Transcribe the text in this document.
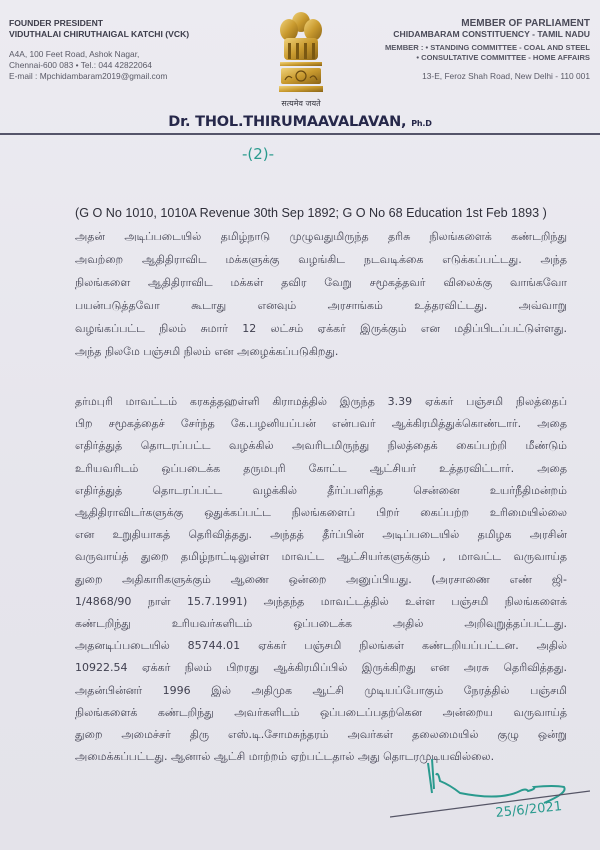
FOUNDER PRESIDENT
VIDUTHALAI CHIRUTHAIGAL KATCHI (VCK)
A4A, 100 Feet Road, Ashok Nagar,
Chennai-600 083 • Tel.: 044 42822064
E-mail : Mpchidambaram2019@gmail.com
सत्यमेव जयते
MEMBER OF PARLIAMENT
CHIDAMBARAM CONSTITUENCY - TAMIL NADU
MEMBER : • STANDING COMMITTEE - COAL AND STEEL
• CONSULTATIVE COMMITTEE - HOME AFFAIRS
13-E, Feroz Shah Road, New Delhi - 110 001
Dr. THOL.THIRUMAAVALAVAN, Ph.D
-(2)-
(G O No 1010, 1010A Revenue 30th Sep 1892; G O No 68 Education 1st Feb 1893 )
அதன் அடிப்படையில் தமிழ்நாடு முழுவதுமிருந்த தரிசு நிலங்களைக் கண்டறிந்து
அவற்றை ஆதிதிராவிட மக்களுக்கு வழங்கிட நடவடிக்கை எடுக்கப்பட்டது. அந்த
நிலங்களை ஆதிதிராவிட மக்கள் தவிர வேறு சமூகத்தவர் விலைக்கு வாங்கவோ
பயன்படுத்தவோ கூடாது எனவும் அரசாங்கம் உத்தரவிட்டது. அவ்வாறு
வழங்கப்பட்ட நிலம் சுமார் 12 லட்சம் ஏக்கர் இருக்கும் என மதிப்பிடப்பட்டுள்ளது.
அந்த நிலமே பஞ்சமி நிலம் என அழைக்கப்படுகிறது.
தர்மபுரி மாவட்டம் கரகத்தஹள்ளி கிராமத்தில் இருந்த 3.39 ஏக்கர் பஞ்சமி நிலத்தைப்
பிற சமூகத்தைச் சேர்ந்த கே.பழனியப்பன் என்பவர் ஆக்கிரமித்துக்கொண்டார். அதை
எதிர்த்துத் தொடரப்பட்ட வழக்கில் அவரிடமிருந்து நிலத்தைக் கைப்பற்றி மீண்டும்
உரியவரிடம் ஒப்படைக்க தருமபுரி கோட்ட ஆட்சியர் உத்தரவிட்டார். அதை
எதிர்த்துத் தொடரப்பட்ட வழக்கில் தீர்ப்பளித்த சென்னை உயர்நீதிமன்றம்
ஆதிதிராவிடர்களுக்கு ஒதுக்கப்பட்ட நிலங்களைப் பிறர் கைப்பற்ற உரிமையில்லை
என உறுதியாகத் தெரிவித்தது. அந்தத் தீர்ப்பின் அடிப்படையில் தமிழக அரசின்
வருவாய்த் துறை தமிழ்நாட்டிலுள்ள மாவட்ட ஆட்சியர்களுக்கும் , மாவட்ட வருவாய்த
துறை அதிகாரிகளுக்கும் ஆணை ஒன்றை அனுப்பியது. (அரசாணை எண் ஜி-
1/4868/90 நாள் 15.7.1991) அந்தந்த மாவட்டத்தில் உள்ள பஞ்சமி நிலங்களைக்
கண்டறிந்து உரியவர்களிடம் ஒப்படைக்க அதில் அறிவுறுத்தப்பட்டது.
அதனடிப்படையில் 85744.01 ஏக்கர் பஞ்சமி நிலங்கள் கண்டறியப்பட்டன. அதில்
10922.54 ஏக்கர் நிலம் பிறரது ஆக்கிரமிப்பில் இருக்கிறது என அரசு தெரிவித்தது.
அதன்பின்னர் 1996 இல் அதிமுக ஆட்சி முடியப்போகும் நேரத்தில் பஞ்சமி
நிலங்களைக் கண்டறிந்து அவர்களிடம் ஒப்படைப்பதற்கென அன்றைய வருவாய்த்
துறை அமைச்சர் திரு எஸ்.டி.சோமசுந்தரம் அவர்கள் தலைமையில் குழு ஒன்று
அமைக்கப்பட்டது. ஆனால் ஆட்சி மாற்றம் ஏற்பட்டதால் அது தொடரமுடியவில்லை.
25/6/2021
